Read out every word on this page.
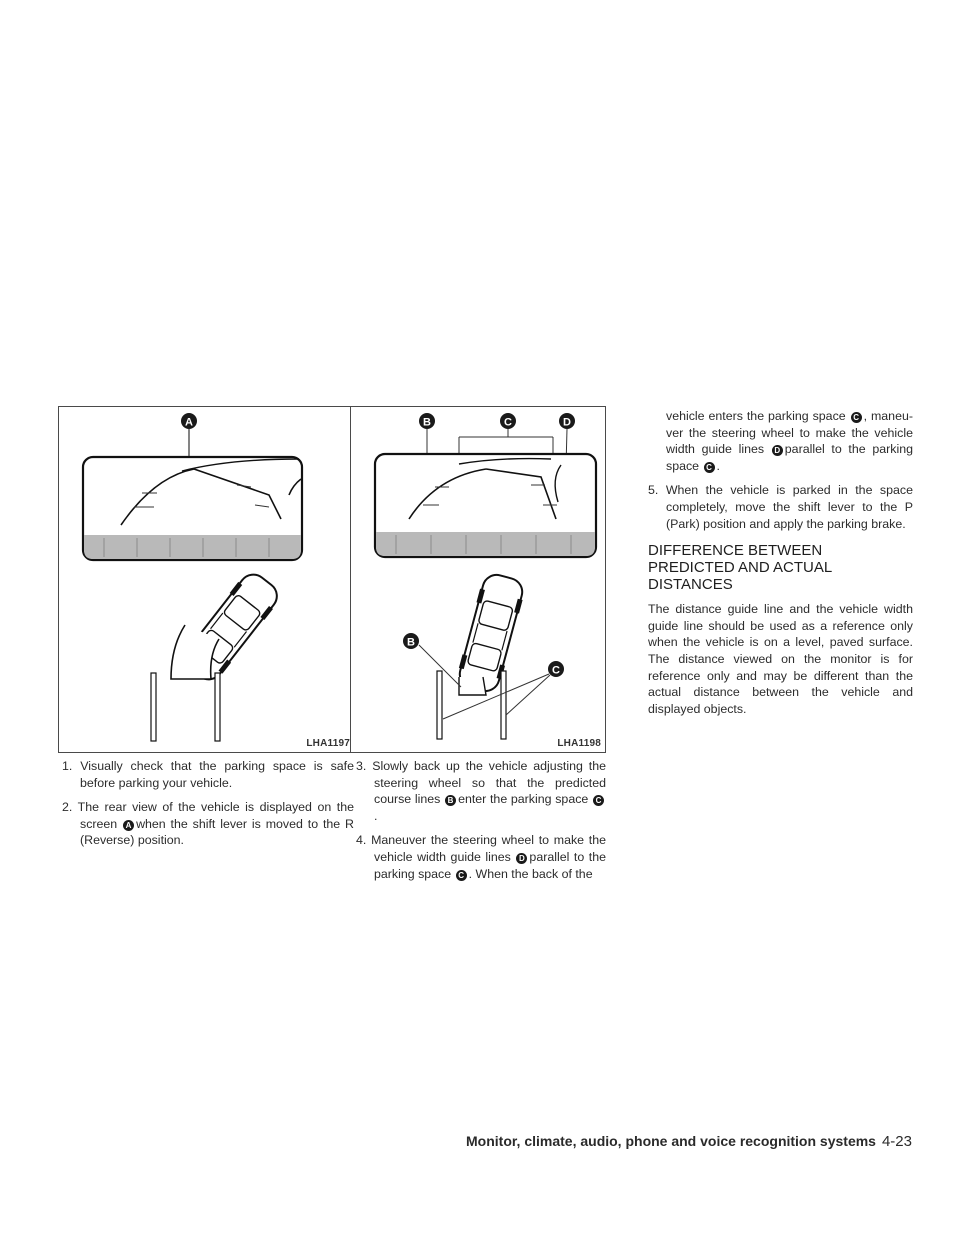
A
LHA1197
B	C	D
B
C
LHA1198

1. Visually check that the parking space is safe before parking your vehicle.

2. The rear view of the vehicle is displayed on the screen A when the shift lever is moved to the R (Reverse) position.

3. Slowly back up the vehicle adjusting the steering wheel so that the predicted course lines B enter the parking space C.

4. Maneuver the steering wheel to make the vehicle width guide lines D parallel to the parking space C . When the back of the

vehicle enters the parking space C , maneu-ver the steering wheel to make the vehicle width guide lines D parallel to the parking space C .

5. When the vehicle is parked in the space completely, move the shift lever to the P (Park) position and apply the parking brake.

DIFFERENCE BETWEEN
PREDICTED AND ACTUAL
DISTANCES

The distance guide line and the vehicle width guide line should be used as a reference only when the vehicle is on a level, paved surface. The distance viewed on the monitor is for reference only and may be different than the actual distance between the vehicle and displayed objects.

Monitor, climate, audio, phone and voice recognition systems 4-23
